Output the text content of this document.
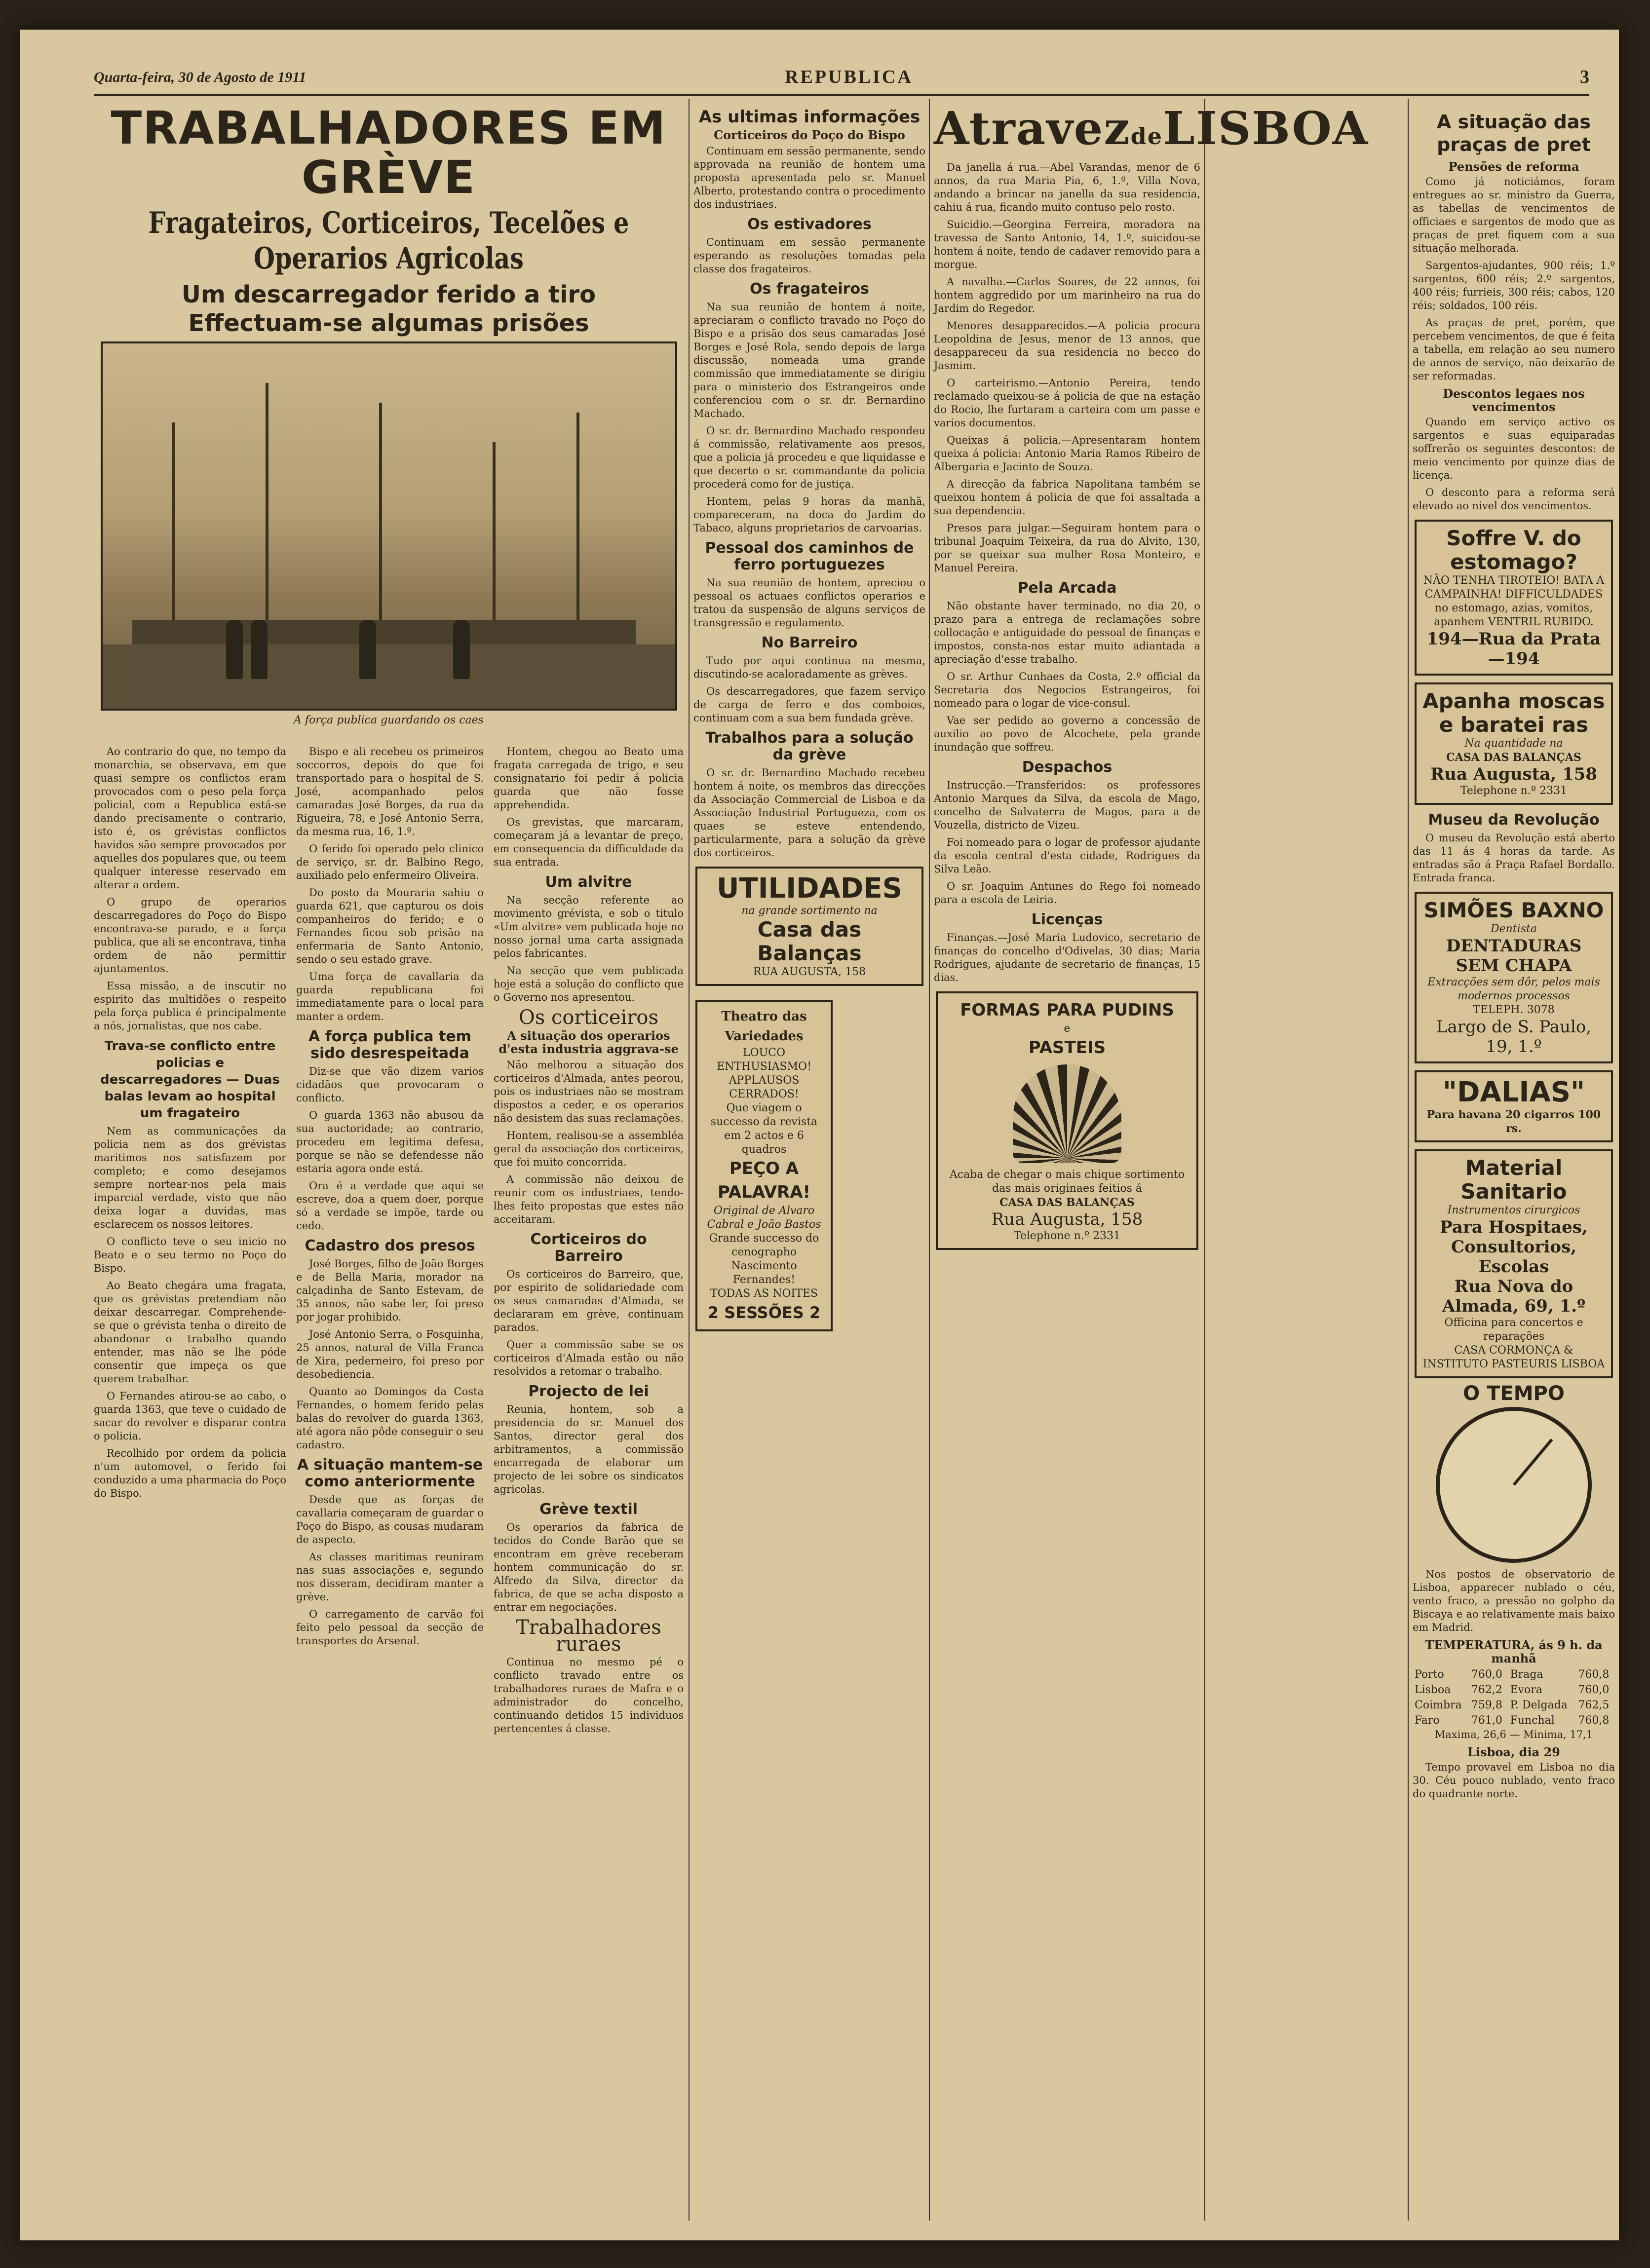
Quarta-feira, 30 de Agosto de 1911	REPUBLICA	3
TRABALHADORES EM GRÈVE
Fragateiros, Corticeiros, Tecelões e Operarios Agricolas
Um descarregador ferido a tiro
Effectuam-se algumas prisões
A força publica guardando os caes

Ao contrario do que, no tempo da monarchia, se observava, em que quasi sempre os conflictos eram provocados com o peso pela força policial, com a Republica está-se dando precisamente o contrario, isto é, os grévistas conflictos havidos são sempre provocados por aquelles dos populares que, ou teem qualquer interesse reservado em alterar a ordem.

O grupo de operarios descarregadores do Poço do Bispo encontrava-se parado, e a força publica, que ali se encontrava, tinha ordem de não permittir ajuntamentos.

Essa missão, a de inscutir no espirito das multidões o respeito pela força publica é principalmente a nós, jornalistas, que nos cabe.

Trava-se conflicto entre policias e descarregadores — Duas balas levam ao hospital um fragateiro

Nem as communicações da policia nem as dos grévistas maritimos nos satisfazem por completo; e como desejamos sempre nortear-nos pela mais imparcial verdade, visto que não deixa logar a duvidas, mas esclarecem os nossos leitores.

O conflicto teve o seu inicio no Beato e o seu termo no Poço do Bispo.

Ao Beato chegára uma fragata, que os grévistas pretendiam não deixar descarregar. Comprehende-se que o grévista tenha o direito de abandonar o trabalho quando entender, mas não se lhe póde consentir que impeça os que querem trabalhar.

O Fernandes atirou-se ao cabo, o guarda 1363, que teve o cuidado de sacar do revolver e disparar contra o policia.

Recolhido por ordem da policia n'um automovel, o ferido foi conduzido a uma pharmacia do Poço do Bispo.

Bispo e ali recebeu os primeiros soccorros, depois do que foi transportado para o hospital de S. José, acompanhado pelos camaradas José Borges, da rua da Rigueira, 78, e José Antonio Serra, da mesma rua, 16, 1.º.

O ferido foi operado pelo clinico de serviço, sr. dr. Balbino Rego, auxiliado pelo enfermeiro Oliveira.

Do posto da Mouraria sahiu o guarda 621, que capturou os dois companheiros do ferido; e o Fernandes ficou sob prisão na enfermaria de Santo Antonio, sendo o seu estado grave.

Uma força de cavallaria da guarda republicana foi immediatamente para o local para manter a ordem.

A força publica tem sido desrespeitada

Diz-se que vão dizem varios cidadãos que provocaram o conflicto.

O guarda 1363 não abusou da sua auctoridade; ao contrario, procedeu em legitima defesa, porque se não se defendesse não estaria agora onde está.

Ora é a verdade que aqui se escreve, doa a quem doer, porque só a verdade se impõe, tarde ou cedo.

Cadastro dos presos

José Borges, filho de João Borges e de Bella Maria, morador na calçadinha de Santo Estevam, de 35 annos, não sabe ler, foi preso por jogar prohibido.

José Antonio Serra, o Fosquinha, 25 annos, natural de Villa Franca de Xira, pederneiro, foi preso por desobediencia.

Quanto ao Domingos da Costa Fernandes, o homem ferido pelas balas do revolver do guarda 1363, até agora não pôde conseguir o seu cadastro.

A situação mantem-se como anteriormente

Desde que as forças de cavallaria começaram de guardar o Poço do Bispo, as cousas mudaram de aspecto.

As classes maritimas reuniram nas suas associações e, segundo nos disseram, decidiram manter a grève.

O carregamento de carvão foi feito pelo pessoal da secção de transportes do Arsenal.

Hontem, chegou ao Beato uma fragata carregada de trigo, e seu consignatario foi pedir á policia guarda que não fosse apprehendida.

Os grevistas, que marcaram, começaram já a levantar de preço, em consequencia da difficuldade da sua entrada.

Um alvitre

Na secção referente ao movimento grévista, e sob o titulo «Um alvitre» vem publicada hoje no nosso jornal uma carta assignada pelos fabricantes.

Na secção que vem publicada hoje está a solução do conflicto que o Governo nos apresentou.

Os corticeiros
A situação dos operarios d'esta industria aggrava-se

Não melhorou a situação dos corticeiros d'Almada, antes peorou, pois os industriaes não se mostram dispostos a ceder, e os operarios não desistem das suas reclamações.

Hontem, realisou-se a assembléa geral da associação dos corticeiros, que foi muito concorrida.

A commissão não deixou de reunir com os industriaes, tendo-lhes feito propostas que estes não acceitaram.

Corticeiros do Barreiro

Os corticeiros do Barreiro, que, por espirito de solidariedade com os seus camaradas d'Almada, se declararam em grève, continuam parados.

Quer a commissão sabe se os corticeiros d'Almada estão ou não resolvidos a retomar o trabalho.

Projecto de lei

Reunia, hontem, sob a presidencia do sr. Manuel dos Santos, director geral dos arbitramentos, a commissão encarregada de elaborar um projecto de lei sobre os sindicatos agricolas.

Grève textil

Os operarios da fabrica de tecidos do Conde Barão que se encontram em grève receberam hontem communicação do sr. Alfredo da Silva, director da fabrica, de que se acha disposto a entrar em negociações.

Trabalhadores ruraes

Continua no mesmo pé o conflicto travado entre os trabalhadores ruraes de Mafra e o administrador do concelho, continuando detidos 15 individuos pertencentes á classe.

As ultimas informações
Corticeiros do Poço do Bispo

Continuam em sessão permanente, sendo approvada na reunião de hontem uma proposta apresentada pelo sr. Manuel Alberto, protestando contra o procedimento dos industriaes.

Os estivadores

Continuam em sessão permanente esperando as resoluções tomadas pela classe dos fragateiros.

Os fragateiros

Na sua reunião de hontem á noite, apreciaram o conflicto travado no Poço do Bispo e a prisão dos seus camaradas José Borges e José Rola, sendo depois de larga discussão, nomeada uma grande commissão que immediatamente se dirigiu para o ministerio dos Estrangeiros onde conferenciou com o sr. dr. Bernardino Machado.

O sr. dr. Bernardino Machado respondeu á commissão, relativamente aos presos, que a policia já procedeu e que liquidasse e que decerto o sr. commandante da policia procederá como for de justiça.

Hontem, pelas 9 horas da manhã, compareceram, na doca do Jardim do Tabaco, alguns proprietarios de carvoarias.

Pessoal dos caminhos de ferro portuguezes

Na sua reunião de hontem, apreciou o pessoal os actuaes conflictos operarios e tratou da suspensão de alguns serviços de transgressão e regulamento.

No Barreiro

Tudo por aqui continua na mesma, discutindo-se acaloradamente as grèves.

Os descarregadores, que fazem serviço de carga de ferro e dos comboios, continuam com a sua bem fundada grève.

Trabalhos para a solução da grève

O sr. dr. Bernardino Machado recebeu hontem á noite, os membros das direcções da Associação Commercial de Lisboa e da Associação Industrial Portugueza, com os quaes se esteve entendendo, particularmente, para a solução da grève dos corticeiros.

UTILIDADES
na grande sortimento na
Casa das Balanças
RUA AUGUSTA, 158
Theatro das Variedades
LOUCO ENTHUSIASMO! APPLAUSOS CERRADOS!
Que viagem o successo da revista em 2 actos e 6 quadros
PEÇO A PALAVRA!
Original de Alvaro Cabral e João Bastos
Grande successo do cenographo Nascimento Fernandes!
TODAS AS NOITES
2 SESSÕES 2
AtravezdeLISBOA

Da janella á rua.—Abel Varandas, menor de 6 annos, da rua Maria Pia, 6, 1.º, Villa Nova, andando a brincar na janella da sua residencia, cahiu á rua, ficando muito contuso pelo rosto.

Suicidio.—Georgina Ferreira, moradora na travessa de Santo Antonio, 14, 1.º, suicidou-se hontem á noite, tendo de cadaver removido para a morgue.

A navalha.—Carlos Soares, de 22 annos, foi hontem aggredido por um marinheiro na rua do Jardim do Regedor.

Menores desapparecidos.—A policia procura Leopoldina de Jesus, menor de 13 annos, que desappareceu da sua residencia no becco do Jasmim.

O carteirismo.—Antonio Pereira, tendo reclamado queixou-se á policia de que na estação do Rocio, lhe furtaram a carteira com um passe e varios documentos.

Queixas á policia.—Apresentaram hontem queixa á policia: Antonio Maria Ramos Ribeiro de Albergaria e Jacinto de Souza.

A direcção da fabrica Napolitana também se queixou hontem á policia de que foi assaltada a sua dependencia.

Presos para julgar.—Seguiram hontem para o tribunal Joaquim Teixeira, da rua do Alvito, 130, por se queixar sua mulher Rosa Monteiro, e Manuel Pereira.

Pela Arcada

Não obstante haver terminado, no dia 20, o prazo para a entrega de reclamações sobre collocação e antiguidade do pessoal de finanças e impostos, consta-nos estar muito adiantada a apreciação d'esse trabalho.

O sr. Arthur Cunhaes da Costa, 2.º official da Secretaria dos Negocios Estrangeiros, foi nomeado para o logar de vice-consul.

Vae ser pedido ao governo a concessão de auxilio ao povo de Alcochete, pela grande inundação que soffreu.

Despachos

Instrucção.—Transferidos: os professores Antonio Marques da Silva, da escola de Mago, concelho de Salvaterra de Magos, para a de Vouzella, districto de Vizeu.

Foi nomeado para o logar de professor ajudante da escola central d'esta cidade, Rodrigues da Silva Leão.

O sr. Joaquim Antunes do Rego foi nomeado para a escola de Leiria.

Licenças

Finanças.—José Maria Ludovico, secretario de finanças do concelho d'Odivelas, 30 dias; Maria Rodrigues, ajudante de secretario de finanças, 15 dias.

FORMAS PARA PUDINS
e
PASTEIS
Acaba de chegar o mais chique sortimento das mais originaes feitios á
CASA DAS BALANÇAS
Rua Augusta, 158
Telephone n.º 2331
A situação das praças de pret
Pensões de reforma

Como já noticiámos, foram entregues ao sr. ministro da Guerra, as tabellas de vencimentos de officiaes e sargentos de modo que as praças de pret fiquem com a sua situação melhorada.

Sargentos-ajudantes, 900 réis; 1.º sargentos, 600 réis; 2.º sargentos, 400 réis; furrieis, 300 réis; cabos, 120 réis; soldados, 100 réis.

As praças de pret, porém, que percebem vencimentos, de que é feita a tabella, em relação ao seu numero de annos de serviço, não deixarão de ser reformadas.

Descontos legaes nos vencimentos

Quando em serviço activo os sargentos e suas equiparadas soffrerão os seguintes descontos: de meio vencimento por quinze dias de licença.

O desconto para a reforma será elevado ao nivel dos vencimentos.

Soffre V. do estomago?
NÃO TENHA TIROTEIO! BATA A CAMPAINHA! DIFFICULDADES no estomago, azias, vomitos, apanhem VENTRIL RUBIDO.
194—Rua da Prata—194
Apanha moscas e baratei ras
Na quantidade na
CASA DAS BALANÇAS
Rua Augusta, 158
Telephone n.º 2331
Museu da Revolução

O museu da Revolução está aberto das 11 ás 4 horas da tarde. As entradas são á Praça Rafael Bordallo. Entrada franca.

SIMÕES BAXNO
Dentista
DENTADURAS SEM CHAPA
Extracções sem dôr, pelos mais modernos processos
TELEPH. 3078
Largo de S. Paulo, 19, 1.º
"DALIAS"
Para havana 20 cigarros 100 rs.
Material Sanitario
Instrumentos cirurgicos
Para Hospitaes, Consultorios, Escolas
Rua Nova do Almada, 69, 1.º
Officina para concertos e reparações
CASA CORMONÇA & INSTITUTO PASTEURIS LISBOA
O TEMPO

Nos postos de observatorio de Lisboa, apparecer nublado o céu, vento fraco, a pressão no golpho da Biscaya e ao relativamente mais baixo em Madrid.

TEMPERATURA, ás 9 h. da manhã
Porto	760,0	Braga	760,8
Lisboa	762,2	Evora	760,0
Coimbra	759,8	P. Delgada	762,5
Faro	761,0	Funchal	760,8

Maxima, 26,6 — Minima, 17,1

Lisboa, dia 29

Tempo provavel em Lisboa no dia 30. Céu pouco nublado, vento fraco do quadrante norte.
